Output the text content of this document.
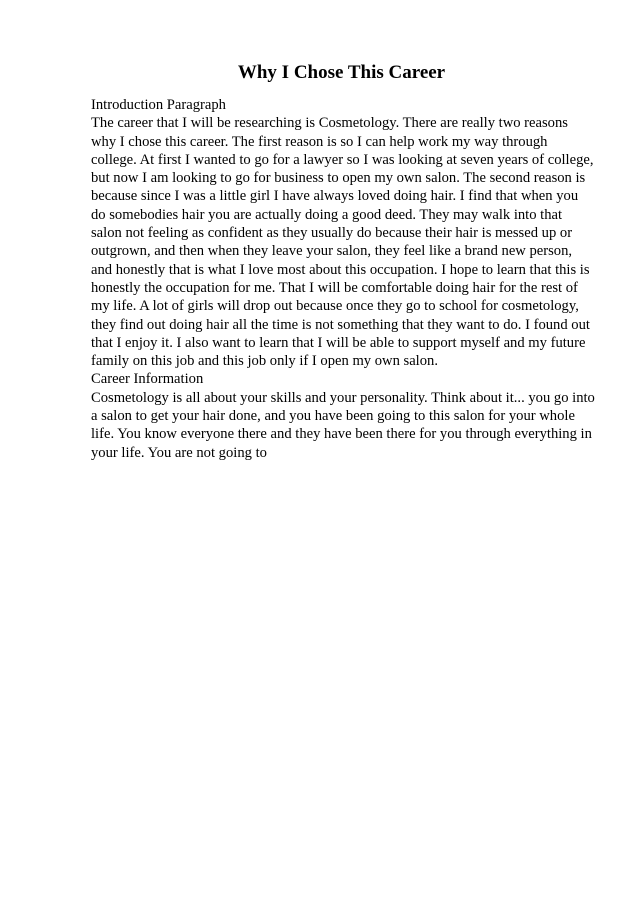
Why I Chose This Career

Introduction Paragraph

The career that I will be researching is Cosmetology. There are really two reasons why I chose this career. The first reason is so I can help work my way through college. At first I wanted to go for a lawyer so I was looking at seven years of college, but now I am looking to go for business to open my own salon. The second reason is because since I was a little girl I have always loved doing hair. I find that when you do somebodies hair you are actually doing a good deed. They may walk into that salon not feeling as confident as they usually do because their hair is messed up or outgrown, and then when they leave your salon, they feel like a brand new person, and honestly that is what I love most about this occupation. I hope to learn that this is honestly the occupation for me. That I will be comfortable doing hair for the rest of my life. A lot of girls will drop out because once they go to school for cosmetology, they find out doing hair all the time is not something that they want to do. I found out that I enjoy it. I also want to learn that I will be able to support myself and my future family on this job and this job only if I open my own salon.

Career Information

Cosmetology is all about your skills and your personality. Think about it... you go into a salon to get your hair done, and you have been going to this salon for your whole life. You know everyone there and they have been there for you through everything in your life. You are not going to
